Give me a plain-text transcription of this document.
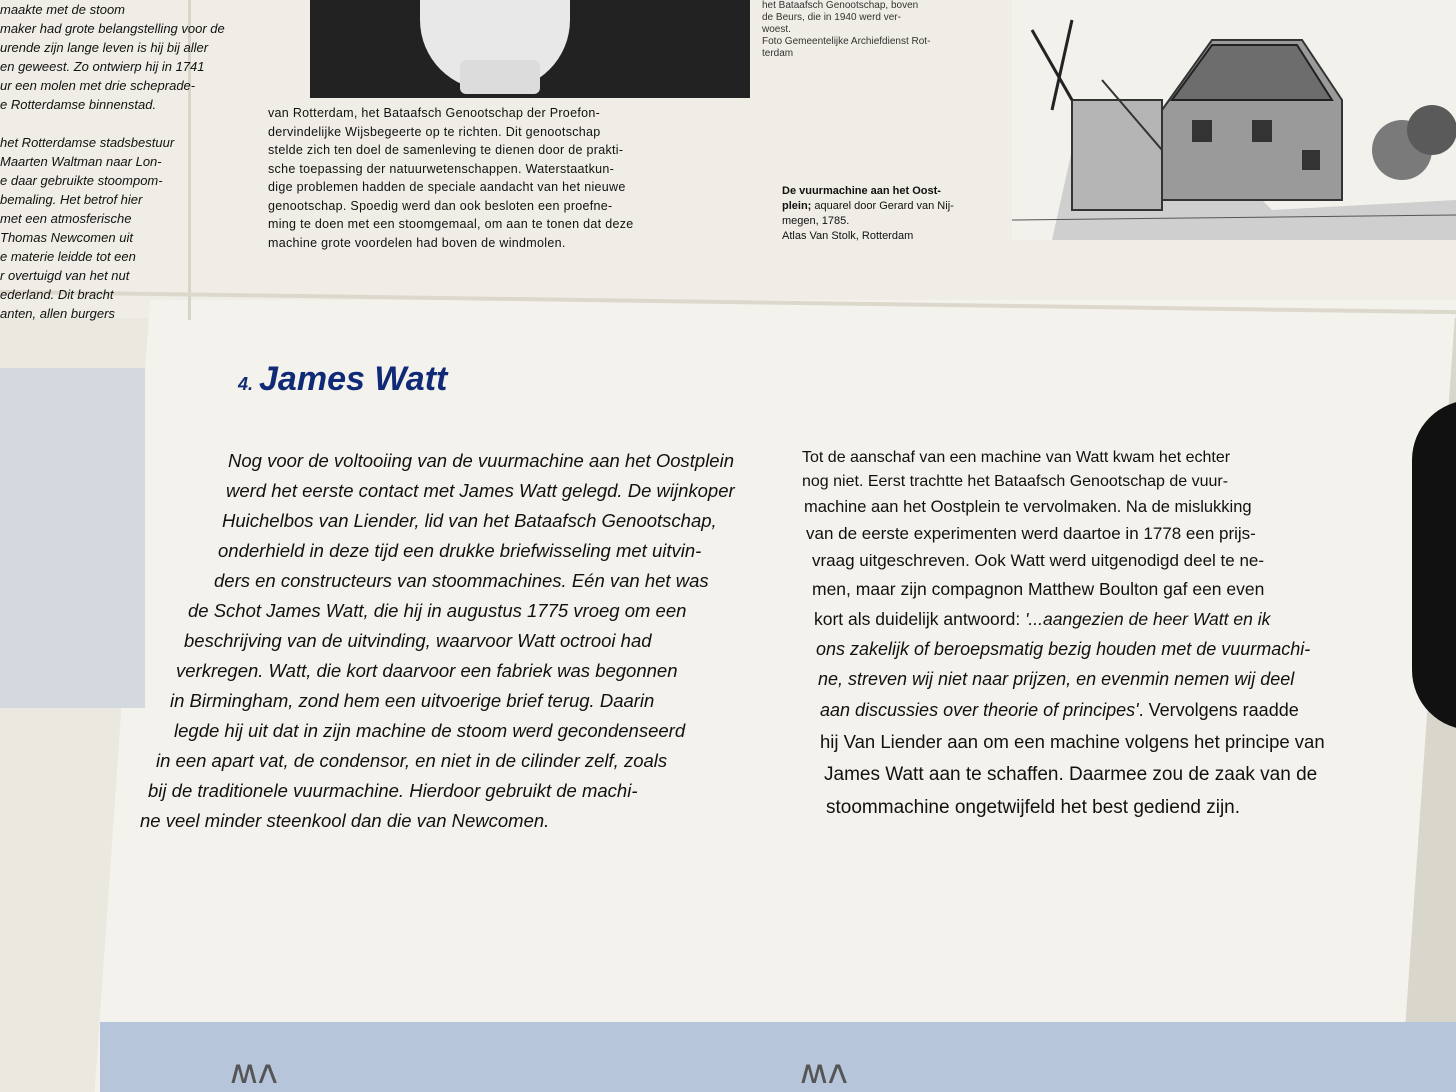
maakte met de stoom
maker had grote belangstelling voor de
urende zijn lange leven is hij bij aller
en geweest. Zo ontwierp hij in 1741
ur een molen met drie schepradе-
e Rotterdamse binnenstad.

het Rotterdamse stadsbestuur
Maarten Waltman naar Lon-
e daar gebruikte stoompom-
bemaling. Het betrof hier
met een atmosferische
Thomas Newcomen uit
e materie leidde tot een
r overtuigd van het nut
ederland. Dit bracht
anten, allen burgers
van Rotterdam, het Bataafsch Genootschap der Proefon-
dervindelijke Wijsbegeerte op te richten. Dit genootschap
stelde zich ten doel de samenleving te dienen door de prakti-
sche toepassing der natuurwetenschappen. Waterstaatkun-
dige problemen hadden de speciale aandacht van het nieuwe
genootschap. Spoedig werd dan ook besloten een proefne-
ming te doen met een stoomgemaal, om aan te tonen dat deze
machine grote voordelen had boven de windmolen.
het Bataafsch Genootschap, boven
de Beurs, die in 1940 werd ver-
woest.
Foto Gemeentelijke Archiefdienst Rot-
terdam
De vuurmachine aan het Oost-
plein; aquarel door Gerard van Nij-
megen, 1785.
Atlas Van Stolk, Rotterdam
4. James Watt
Nog voor de voltooiing van de vuurmachine aan het Oostplein
werd het eerste contact met James Watt gelegd. De wijnkoper
Huichelbos van Liender, lid van het Bataafsch Genootschap,
onderhield in deze tijd een drukke briefwisseling met uitvin-
ders en constructeurs van stoommachines. Eén van het was
de Schot James Watt, die hij in augustus 1775 vroeg om een
beschrijving van de uitvinding, waarvoor Watt octrooi had
verkregen. Watt, die kort daarvoor een fabriek was begonnen
in Birmingham, zond hem een uitvoerige brief terug. Daarin
legde hij uit dat in zijn machine de stoom werd gecondenseerd
in een apart vat, de condensor, en niet in de cilinder zelf, zoals
bij de traditionele vuurmachine. Hierdoor gebruikt de machi-
ne veel minder steenkool dan die van Newcomen.
Tot de aanschaf van een machine van Watt kwam het echter
nog niet. Eerst trachtte het Bataafsch Genootschap de vuur-
machine aan het Oostplein te vervolmaken. Na de mislukking
van de eerste experimenten werd daartoe in 1778 een prijs-
vraag uitgeschreven. Ook Watt werd uitgenodigd deel te ne-
men, maar zijn compagnon Matthew Boulton gaf een even
kort als duidelijk antwoord: '...aangezien de heer Watt en ik
ons zakelijk of beroepsmatig bezig houden met de vuurmachi-
ne, streven wij niet naar prijzen, en evenmin nemen wij deel
aan discussies over theorie of principes'. Vervolgens raadde
hij Van Liender aan om een machine volgens het principe van
James Watt aan te schaffen. Daarmee zou de zaak van de
stoommachine ongetwijfeld het best gediend zijn.
ʍʌ	ʍʌ
